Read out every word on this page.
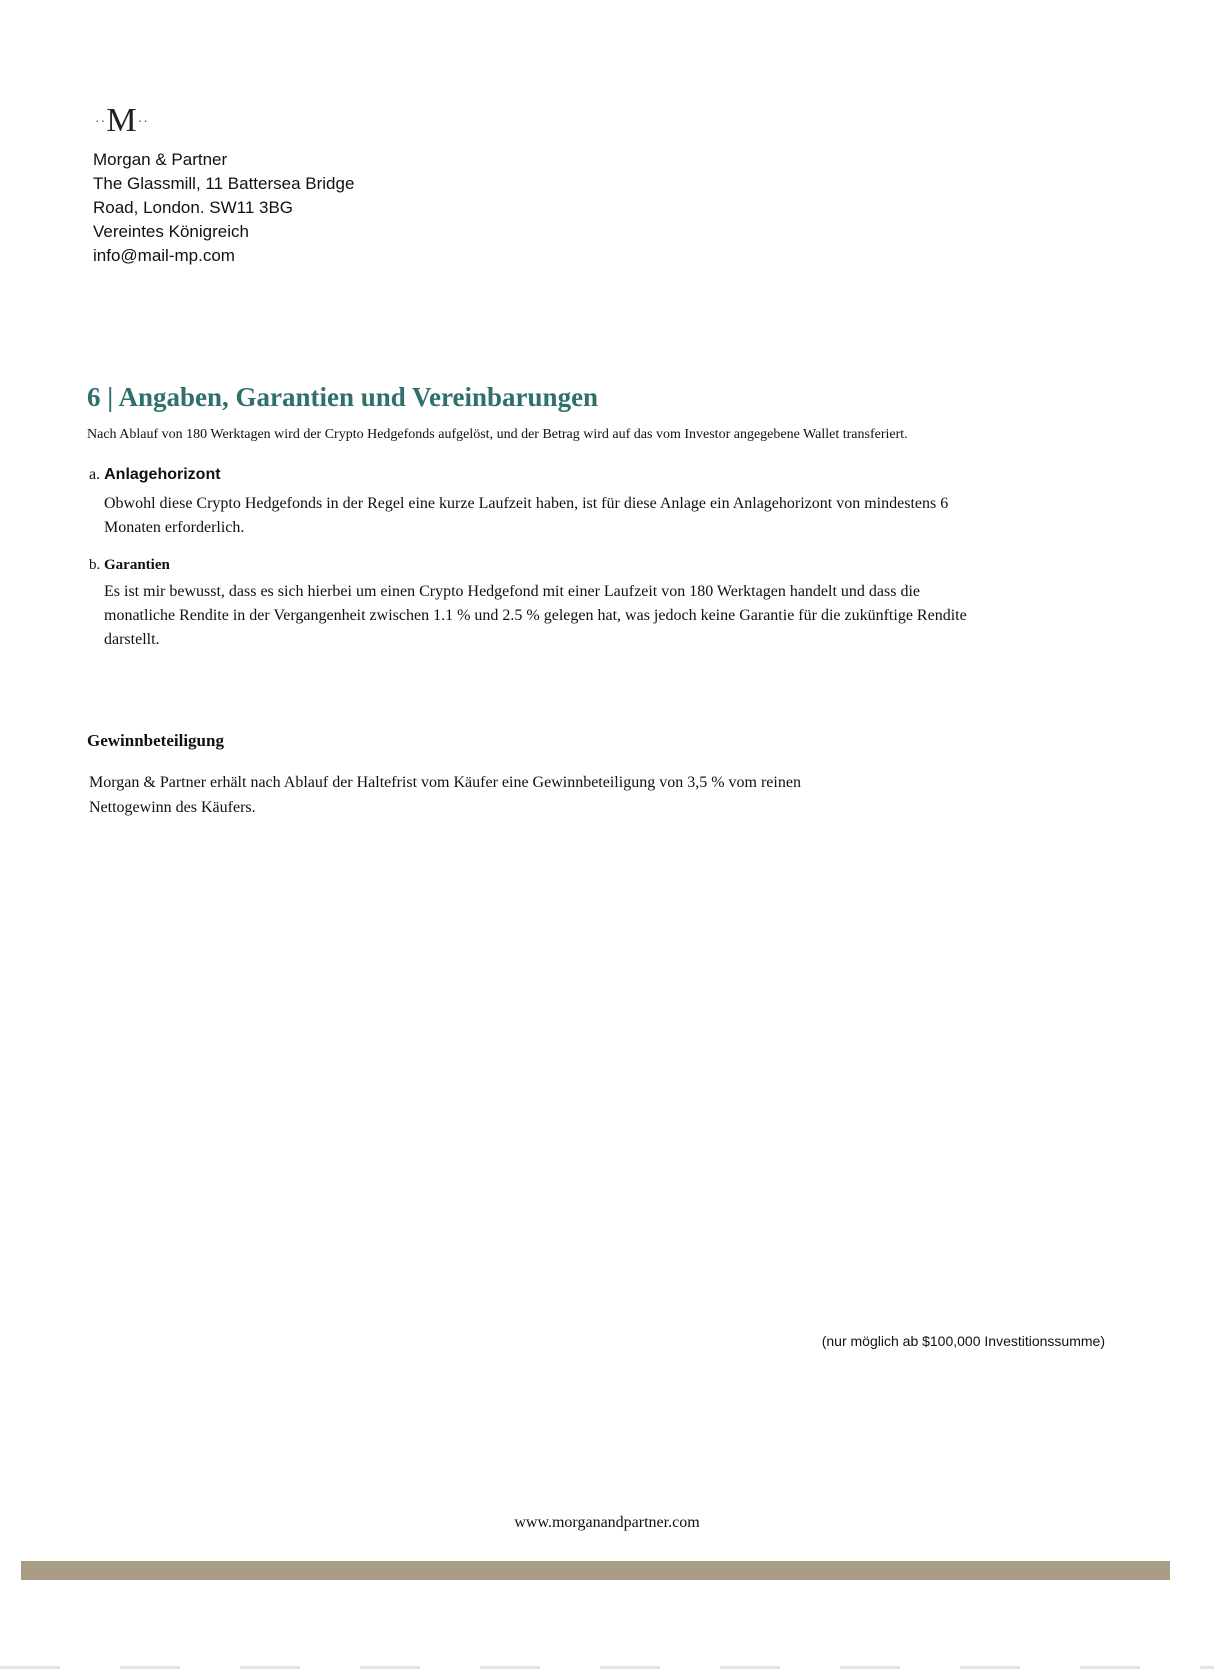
··M··
Morgan & Partner
The Glassmill, 11 Battersea Bridge
Road, London. SW11 3BG
Vereintes Königreich
info@mail-mp.com
6 | Angaben, Garantien und Vereinbarungen
Nach Ablauf von 180 Werktagen wird der Crypto Hedgefonds aufgelöst, und der Betrag wird auf das vom Investor angegebene Wallet transferiert.
a. Anlagehorizont
Obwohl diese Crypto Hedgefonds in der Regel eine kurze Laufzeit haben, ist für diese Anlage ein Anlagehorizont von mindestens 6
Monaten erforderlich.
b. Garantien
Es ist mir bewusst, dass es sich hierbei um einen Crypto Hedgefond mit einer Laufzeit von 180 Werktagen handelt und dass die
monatliche Rendite in der Vergangenheit zwischen 1.1 % und 2.5 % gelegen hat, was jedoch keine Garantie für die zukünftige Rendite
darstellt.
Gewinnbeteiligung
Morgan & Partner erhält nach Ablauf der Haltefrist vom Käufer eine Gewinnbeteiligung von 3,5 % vom reinen
Nettogewinn des Käufers.
(nur möglich ab $100,000 Investitionssumme)
www.morganandpartner.com
